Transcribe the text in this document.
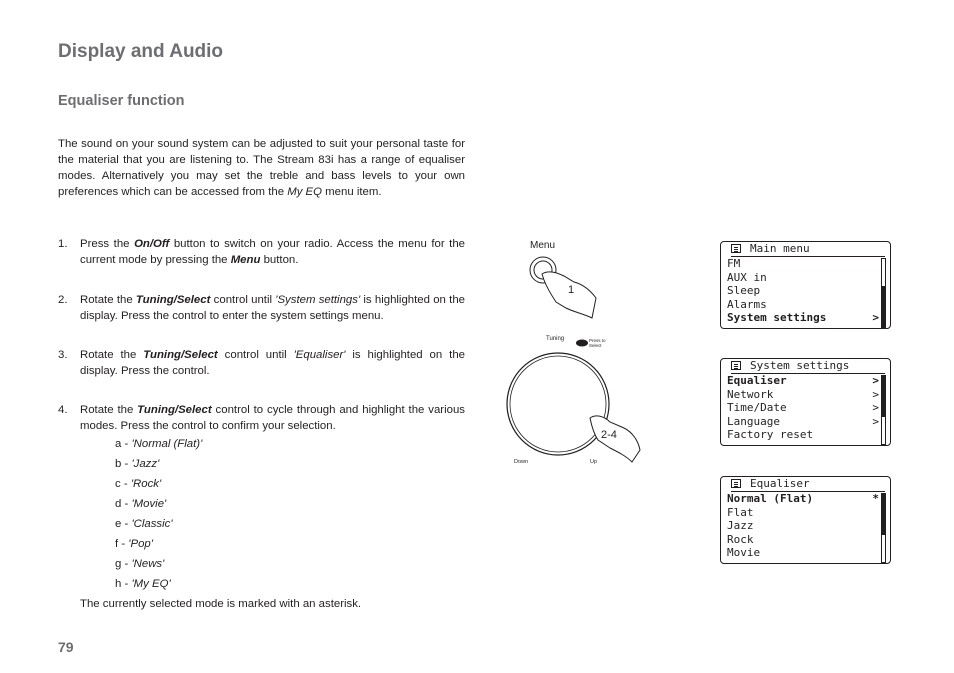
Display and Audio
Equaliser function
The sound on your sound system can be adjusted to suit your personal taste for the material that you are listening to. The Stream 83i has a range of equaliser modes. Alternatively you may set the treble and bass levels to your own preferences which can be accessed from the My EQ menu item.
1. Press the On/Off button to switch on your radio. Access the menu for the current mode by pressing the Menu button.
2. Rotate the Tuning/Select control until 'System settings' is highlighted on the display. Press the control to enter the system settings menu.
3. Rotate the Tuning/Select control until 'Equaliser' is highlighted on the display. Press the control.
4. Rotate the Tuning/Select control to cycle through and highlight the various modes. Press the control to confirm your selection.
a - 'Normal (Flat)'
b - 'Jazz'
c - 'Rock'
d - 'Movie'
e - 'Classic'
f - 'Pop'
g - 'News'
h - 'My EQ'
The currently selected mode is marked with an asterisk.
79
Menu
1
Tuning	Press to
Select
2-4
Down	Up
Main menu
FM
AUX in
Sleep
Alarms
System settings	>
System settings
Equaliser	>
Network	>
Time/Date	>
Language	>
Factory reset
Equaliser
Normal (Flat)	*
Flat
Jazz
Rock
Movie
